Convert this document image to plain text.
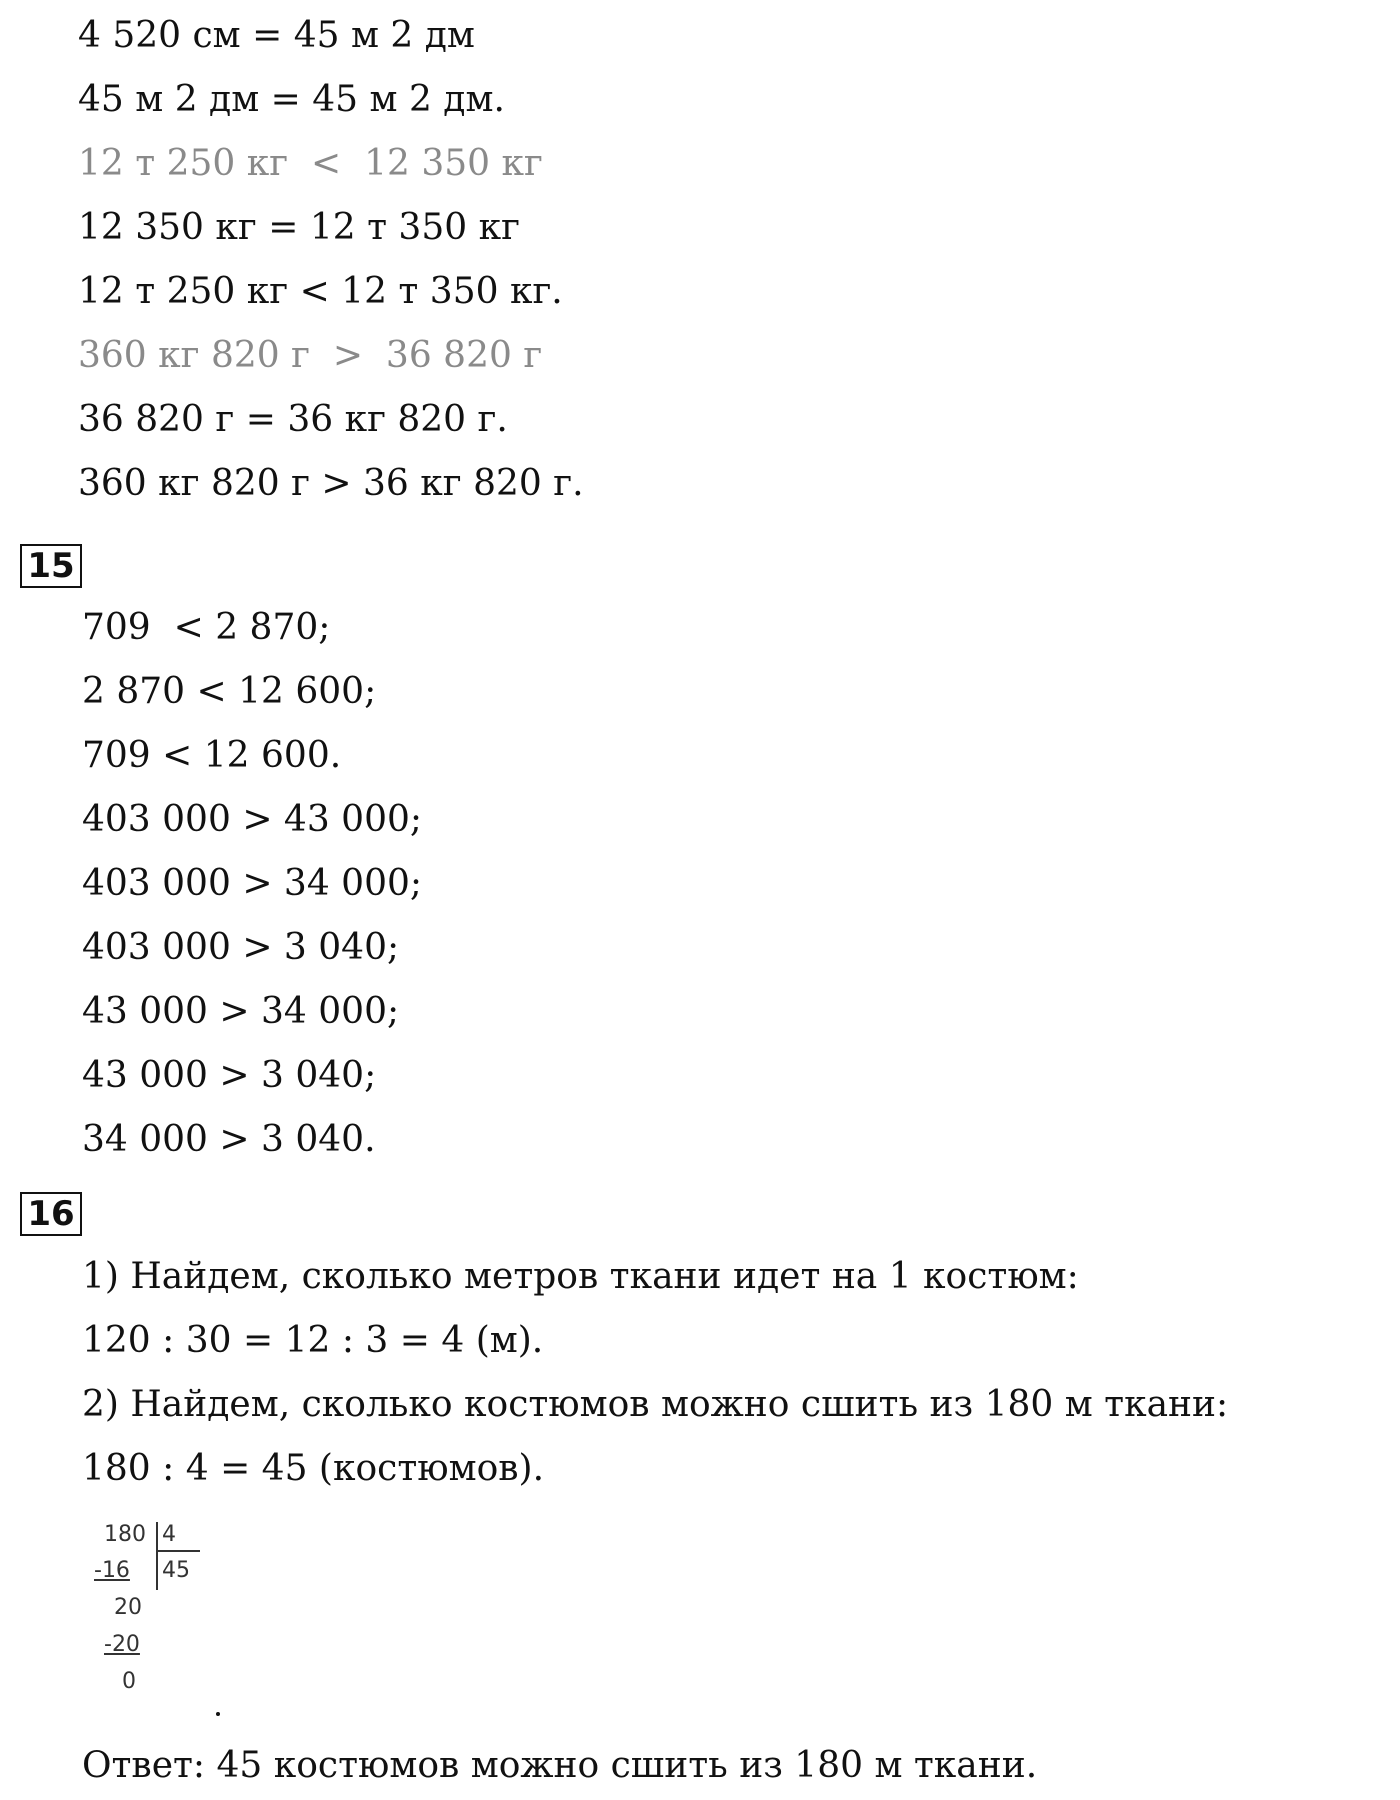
4 520 см = 45 м 2 дм
45 м 2 дм = 45 м 2 дм.
12 т 250 кг  <  12 350 кг
12 350 кг = 12 т 350 кг
12 т 250 кг < 12 т 350 кг.
360 кг 820 г  >  36 820 г
36 820 г = 36 кг 820 г.
360 кг 820 г > 36 кг 820 г.
15
709  < 2 870;
2 870 < 12 600;
709 < 12 600.
403 000 > 43 000;
403 000 > 34 000;
403 000 > 3 040;
43 000 > 34 000;
43 000 > 3 040;
34 000 > 3 040.
16
1) Найдем, сколько метров ткани идет на 1 костюм:
120 : 30 = 12 : 3 = 4 (м).
2) Найдем, сколько костюмов можно сшить из 180 м ткани:
180 : 4 = 45 (костюмов).
180 4
45
-16
20
-20
0
Ответ: 45 костюмов можно сшить из 180 м ткани.
